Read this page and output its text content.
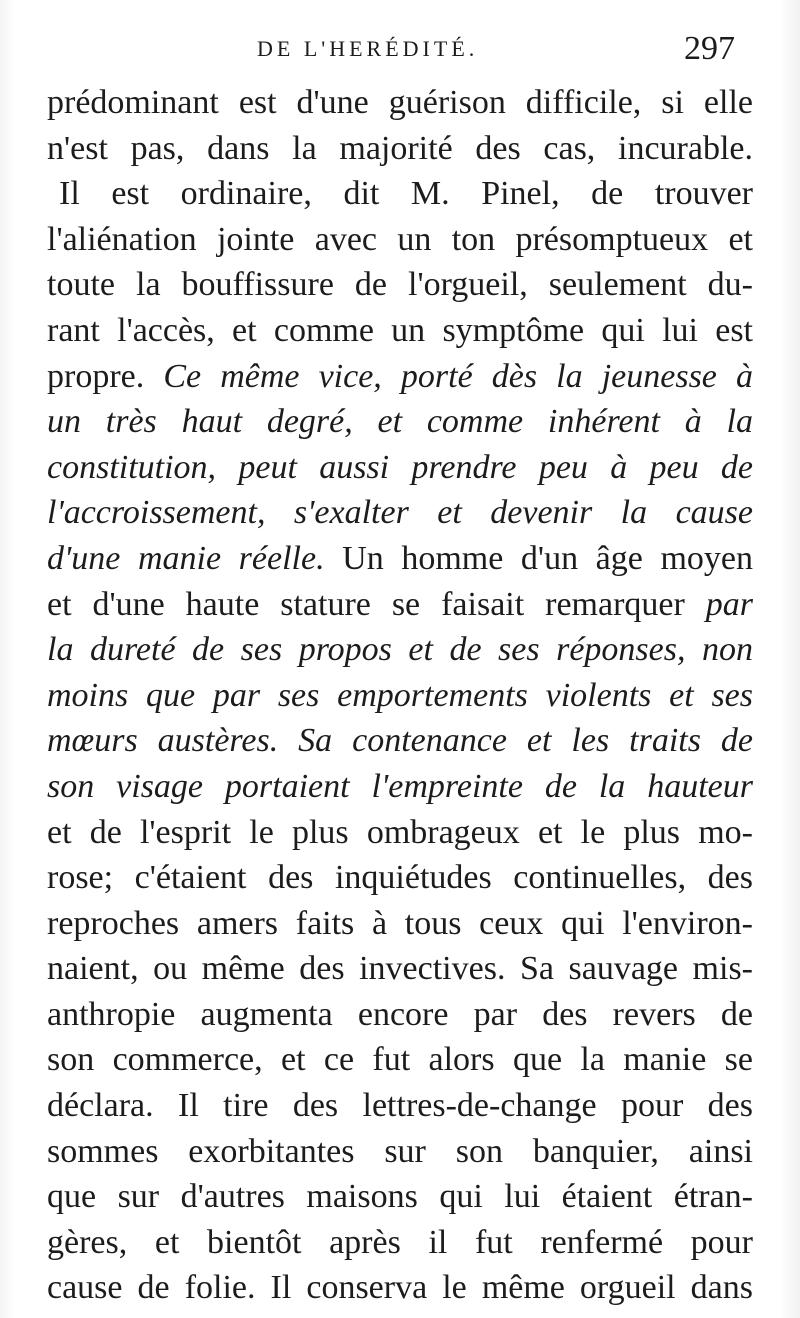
DE L'HERÉDITÉ.	297
prédominant est d'une guérison difficile, si elle
n'est pas, dans la majorité des cas, incurable.
Il est ordinaire, dit M. Pinel, de trouver
l'aliénation jointe avec un ton présomptueux et
toute la bouffissure de l'orgueil, seulement du-
rant l'accès, et comme un symptôme qui lui est
propre. Ce même vice, porté dès la jeunesse à
un très haut degré, et comme inhérent à la
constitution, peut aussi prendre peu à peu de
l'accroissement, s'exalter et devenir la cause
d'une manie réelle. Un homme d'un âge moyen
et d'une haute stature se faisait remarquer par
la dureté de ses propos et de ses réponses, non
moins que par ses emportements violents et ses
mœurs austères. Sa contenance et les traits de
son visage portaient l'empreinte de la hauteur
et de l'esprit le plus ombrageux et le plus mo-
rose; c'étaient des inquiétudes continuelles, des
reproches amers faits à tous ceux qui l'environ-
naient, ou même des invectives. Sa sauvage mis-
anthropie augmenta encore par des revers de
son commerce, et ce fut alors que la manie se
déclara. Il tire des lettres-de-change pour des
sommes exorbitantes sur son banquier, ainsi
que sur d'autres maisons qui lui étaient étran-
gères, et bientôt après il fut renfermé pour
cause de folie. Il conserva le même orgueil dans
